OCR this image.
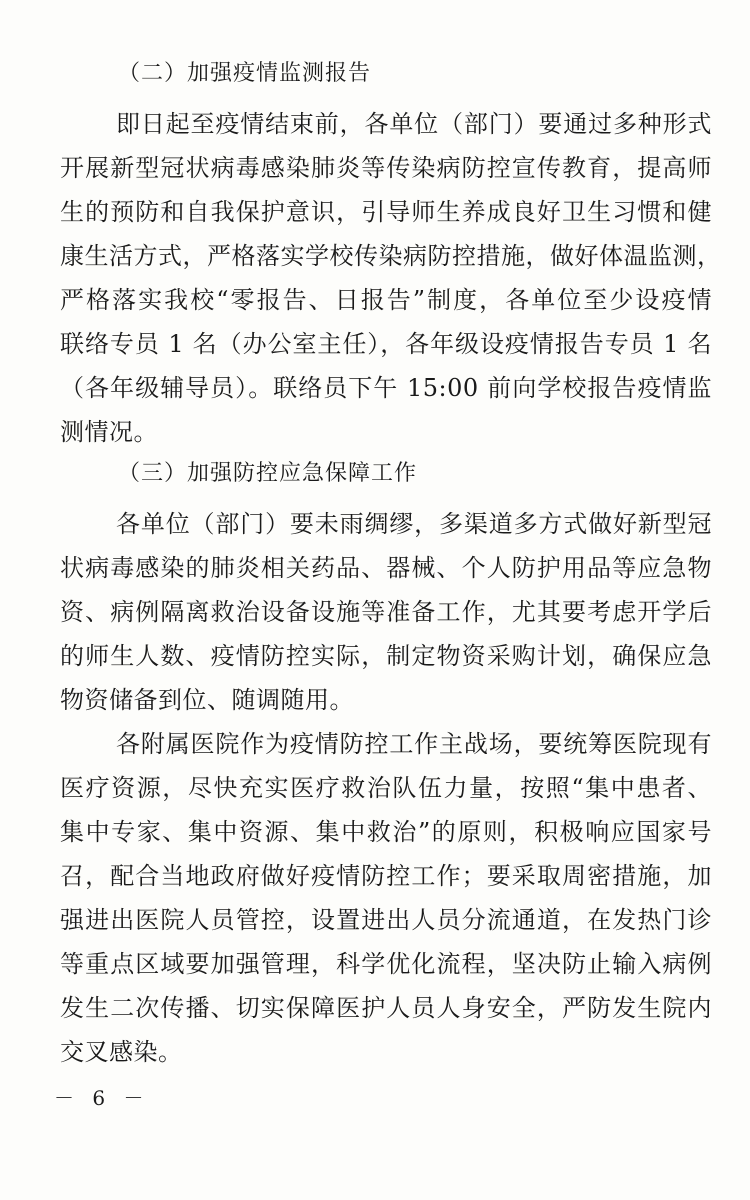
（二）加强疫情监测报告
即日起至疫情结束前，各单位（部门）要通过多种形式
开展新型冠状病毒感染肺炎等传染病防控宣传教育，提高师
生的预防和自我保护意识，引导师生养成良好卫生习惯和健
康生活方式，严格落实学校传染病防控措施，做好体温监测，
严格落实我校“零报告、日报告”制度，各单位至少设疫情
联络专员 1 名（办公室主任），各年级设疫情报告专员 1 名
（各年级辅导员）。联络员下午 15:00 前向学校报告疫情监
测情况。
（三）加强防控应急保障工作
各单位（部门）要未雨绸缪，多渠道多方式做好新型冠
状病毒感染的肺炎相关药品、器械、个人防护用品等应急物
资、病例隔离救治设备设施等准备工作，尤其要考虑开学后
的师生人数、疫情防控实际，制定物资采购计划，确保应急
物资储备到位、随调随用。
各附属医院作为疫情防控工作主战场，要统筹医院现有
医疗资源，尽快充实医疗救治队伍力量，按照“集中患者、
集中专家、集中资源、集中救治”的原则，积极响应国家号
召，配合当地政府做好疫情防控工作；要采取周密措施，加
强进出医院人员管控，设置进出人员分流通道，在发热门诊
等重点区域要加强管理，科学优化流程，坚决防止输入病例
－ 6 －
发生二次传播、切实保障医护人员人身安全，严防发生院内
交叉感染。
